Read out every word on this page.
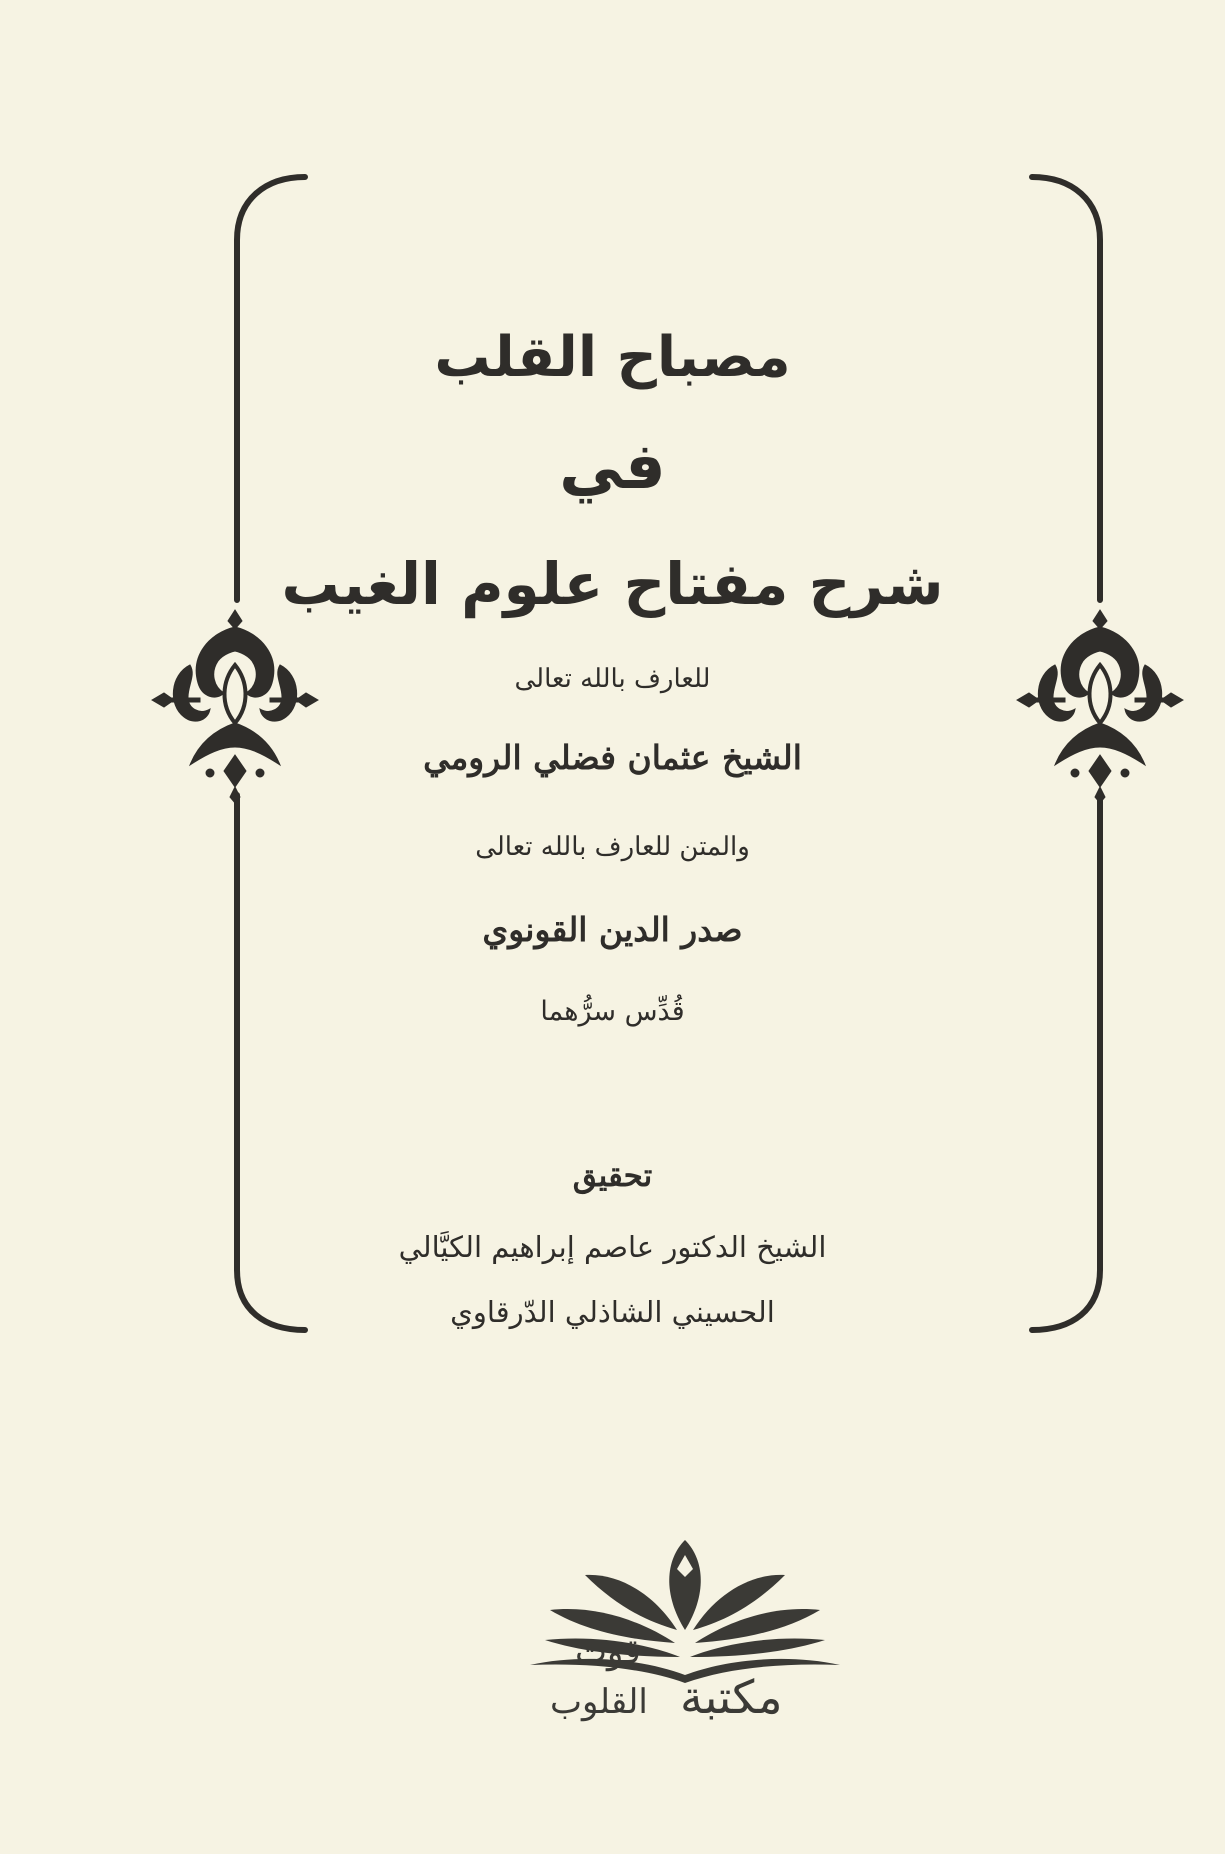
مصباح القلب
في
شرح مفتاح علوم الغيب
للعارف بالله تعالى
الشيخ عثمان فضلي الرومي
والمتن للعارف بالله تعالى
صدر الدين القونوي
قُدِّس سرُّهما
تحقيق
الشيخ الدكتور عاصم إبراهيم الكيَّالي
الحسيني الشاذلي الدّرقاوي
مكتبة
قوت
القلوب
